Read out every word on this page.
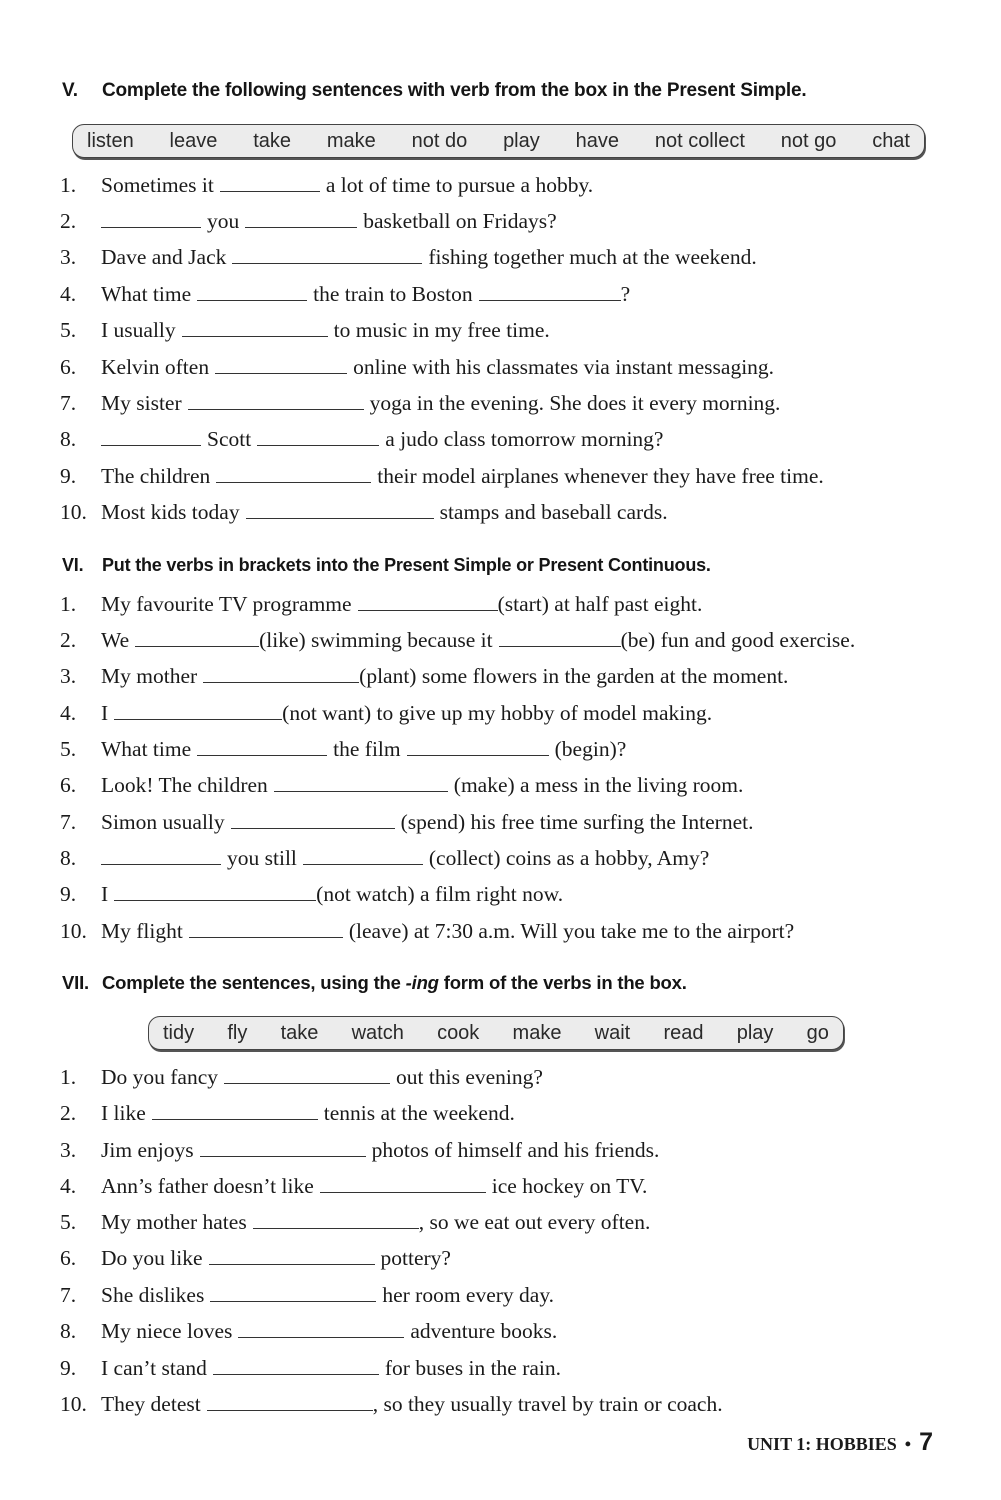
V.	Complete the following sentences with verb from the box in the Present Simple.
listen leave take make not do play have not collect not go chat
1.	Sometimes it	a lot of time to pursue a hobby.
2.	you	basketball on Fridays?
3.	Dave and Jack	fishing together much at the weekend.
4.	What time	the train to Boston	?
5.	I usually	to music in my free time.
6.	Kelvin often	online with his classmates via instant messaging.
7.	My sister	yoga in the evening. She does it every morning.
8.	Scott	a judo class tomorrow morning?
9.	The children	their model airplanes whenever they have free time.
10. Most kids today	stamps and baseball cards.
VI.	Put the verbs in brackets into the Present Simple or Present Continuous.
1.	My favourite TV programme	(start) at half past eight.
2.	We	(like) swimming because it	(be) fun and good exercise.
3.	My mother	(plant) some flowers in the garden at the moment.
4.	I	(not want) to give up my hobby of model making.
5.	What time	the film	(begin)?
6.	Look! The children	(make) a mess in the living room.
7.	Simon usually	(spend) his free time surfing the Internet.
8.	you still	(collect) coins as a hobby, Amy?
9.	I	(not watch) a film right now.
10. My flight	(leave) at 7:30 a.m. Will you take me to the airport?
VII. Complete the sentences, using the -ing form of the verbs in the box.
tidy fly take watch cook make wait read play go
1.	Do you fancy	out this evening?
2.	I like	tennis at the weekend.
3.	Jim enjoys	photos of himself and his friends.
4.	Ann’s father doesn’t like	ice hockey on TV.
5.	My mother hates	, so we eat out every often.
6.	Do you like	pottery?
7.	She dislikes	her room every day.
8.	My niece loves	adventure books.
9.	I can’t stand	for buses in the rain.
10. They detest	, so they usually travel by train or coach.
UNIT 1: HOBBIES • 7
